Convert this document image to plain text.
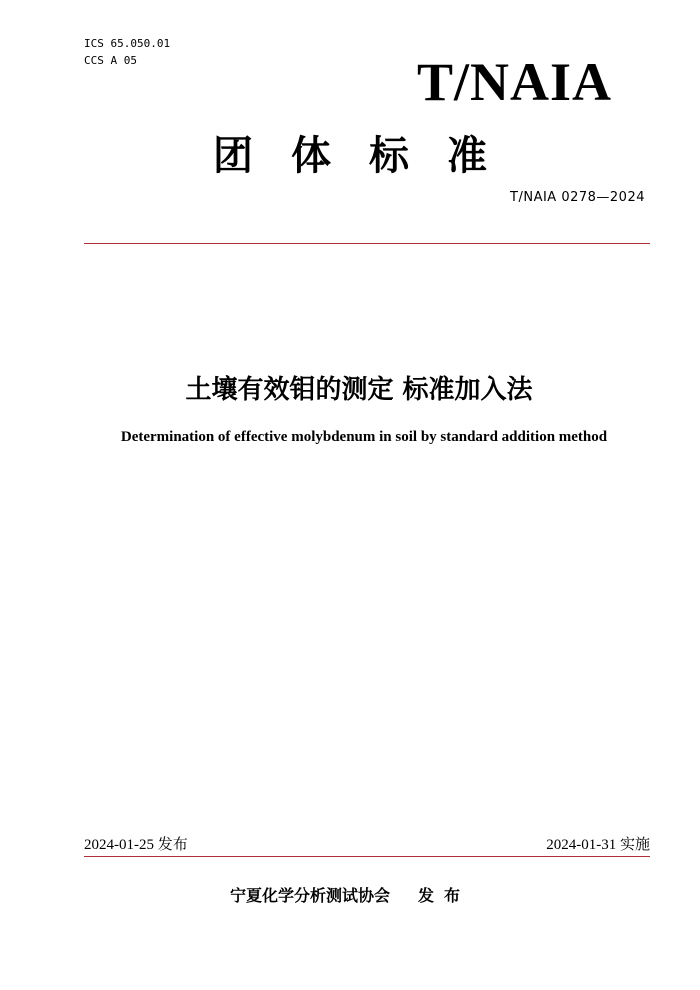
ICS 65.050.01
CCS A 05	T/NAIA
团体标准
T/NAIA 0278—2024
土壤有效钼的测定 标准加入法
Determination of effective molybdenum in soil by standard addition method
2024-01-25 发布	2024-01-31 实施
宁夏化学分析测试协会 发布
